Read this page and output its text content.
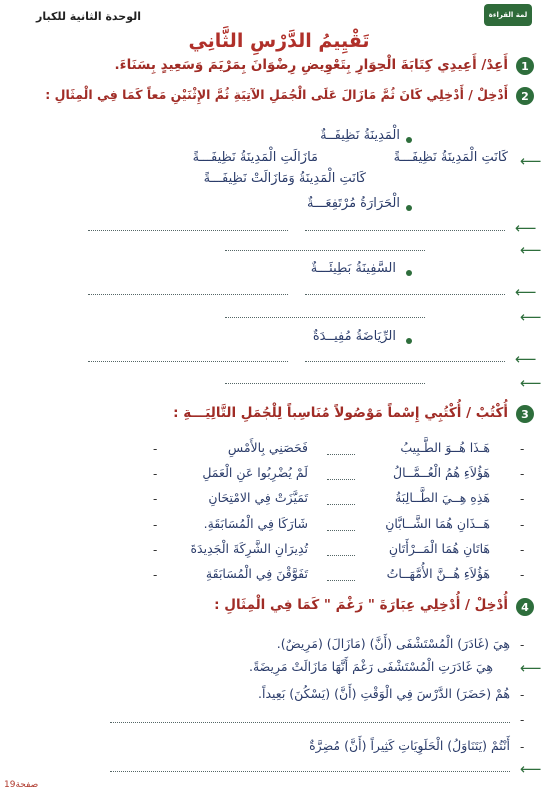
الوحدة الثانية للكبار	لمة القراءة
تَقْيِيمُ الدَّرْسِ الثَّانِي
1
أَعِدْ/ أَعِيدِي كِتَابَةَ الْحِوَارِ بِتَعْوِيضِ رِضْوَانَ بِمَرْيَمَ وَسَعِيدٍ بِسَنَاءَ.
2
أَدْخِلْ / أَدْخِلِي كَانَ ثُمَّ مَازَالَ عَلَى الْجُمَلِ الآتِيَةِ ثُمَّ الإِثْنَيْنِ مَعاً كَمَا فِي الْمِثَالِ :
الْمَدِينَةُ نَظِيفَــةٌ
⟵
كَانَتِ الْمَدِينَةُ نَظِيفَـــةً
مَازَالَتِ الْمَدِينَةُ نَظِيفَـــةً
كَانَتِ الْمَدِينَةُ وَمَازَالَتْ نَظِيفَـــةً
الْحَرَارَةُ مُرْتَفِعَـــةٌ
⟵
⟵
السَّفِينَةُ بَطِيئَـــةٌ
⟵
⟵
الرِّيَاضَةُ مُفِيــدَةٌ
⟵
⟵
3
أُكْتُبْ / أُكْتُبِي إِسْماً مَوْصُولاً مُنَاسِباً لِلْجُمَلِ التَّالِيَـــةِ :
-
هَـذَا هُــوَ الطَّـبِيبُ
فَحَصَنِي بِالأَمْسِ
-
-
هَؤُلاَءِ هُمُ الْعُــمَّــالُ
لَمْ يُضْرِبُوا عَنِ الْعَمَلِ
-
-
هَذِهِ هِــيَ الطَّــالِبَةُ
تَمَيَّزَتْ فِي الامْتِحَانِ
-
-
هَــذَانِ هُمَا الشَّــابَّانِ
شَارَكَا فِي الْمُسَابَقَةِ.
-
-
هَاتَانِ هُمَا الْمَــرْأَتَانِ
تُدِيرَانِ الشَّرِكَةَ الْجَدِيدَةَ
-
-
هَؤُلاَءِ هُــنَّ الأُمَّهَــاتُ
تَفَوَّقْنَ فِي الْمُسَابَقَةِ
-
4
أُدْخِلْ / أُدْخِلِي عِبَارَةَ " رَغْمَ " كَمَا فِي الْمِثَالِ :
-
هِيَ (غَادَرَ) الْمُسْتَشْفَى (أَنَّ) (مَازَالَ) (مَرِيضٌ).
⟵
هِيَ غَادَرَتِ الْمُسْتَشْفَى رَغْمَ أَنَّهَا مَازَالَتْ مَرِيضَةً.
-
هُمْ (حَضَرَ) الدَّرْسَ فِي الْوَقْتِ (أَنَّ) (يَسْكُنَ) بَعِيداً.
-
-
أَنْتُمْ (يَتَنَاوَلُ) الْحَلَوِيَاتِ كَثِيراً (أَنَّ) مُضِرَّةٌ
⟵
صفحة19
